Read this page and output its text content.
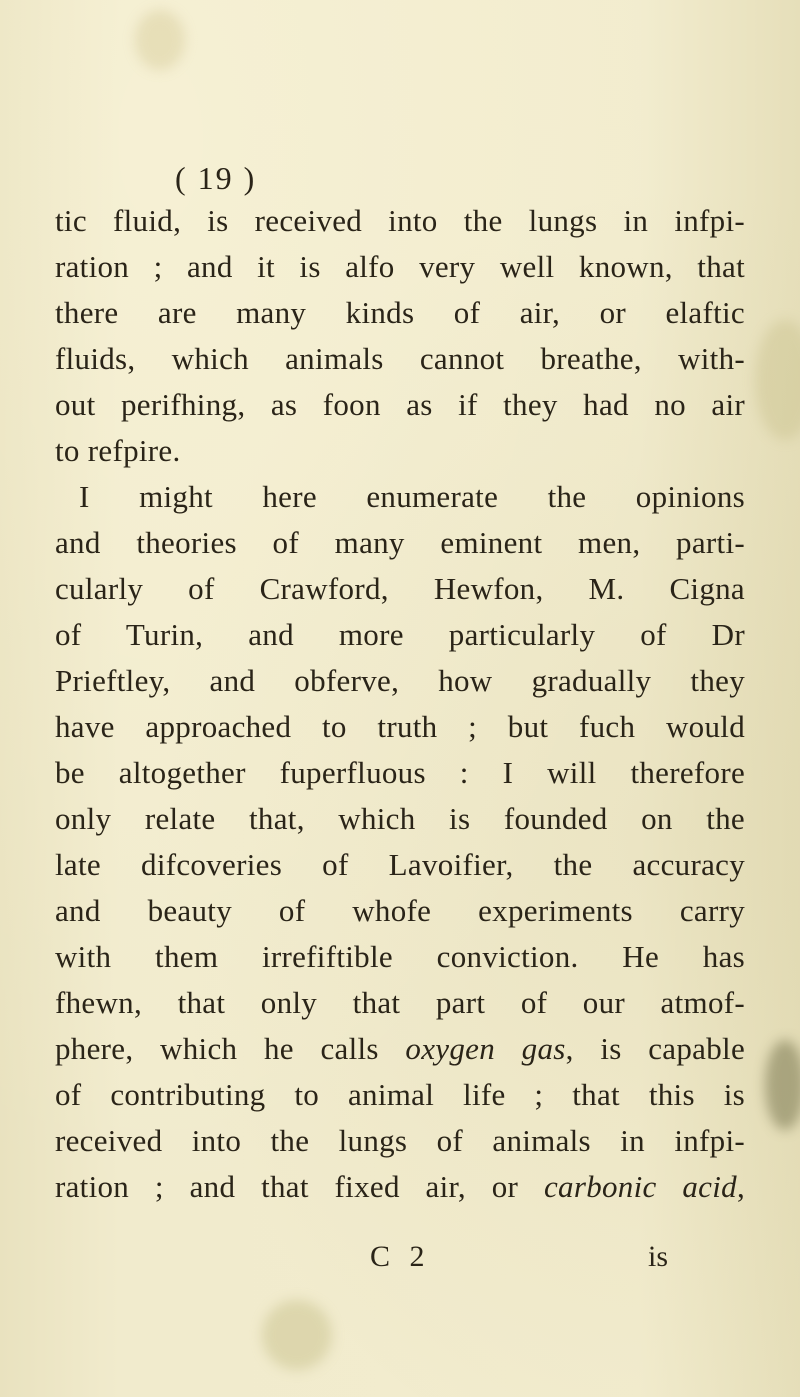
( 19 )
tic fluid, is received into the lungs in infpi-
ration ; and it is alfo very well known, that
there are many kinds of air, or elaftic
fluids, which animals cannot breathe, with-
out perifhing, as foon as if they had no air
to refpire.
I might here enumerate the opinions
and theories of many eminent men, parti-
cularly of Crawford, Hewfon, M. Cigna
of Turin, and more particularly of Dr
Prieftley, and obferve, how gradually they
have approached to truth ; but fuch would
be altogether fuperfluous : I will therefore
only relate that, which is founded on the
late difcoveries of Lavoifier, the accuracy
and beauty of whofe experiments carry
with them irrefiftible conviction. He has
fhewn, that only that part of our atmof-
phere, which he calls oxygen gas, is capable
of contributing to animal life ; that this is
received into the lungs of animals in infpi-
ration ; and that fixed air, or carbonic acid,
C 2	is
